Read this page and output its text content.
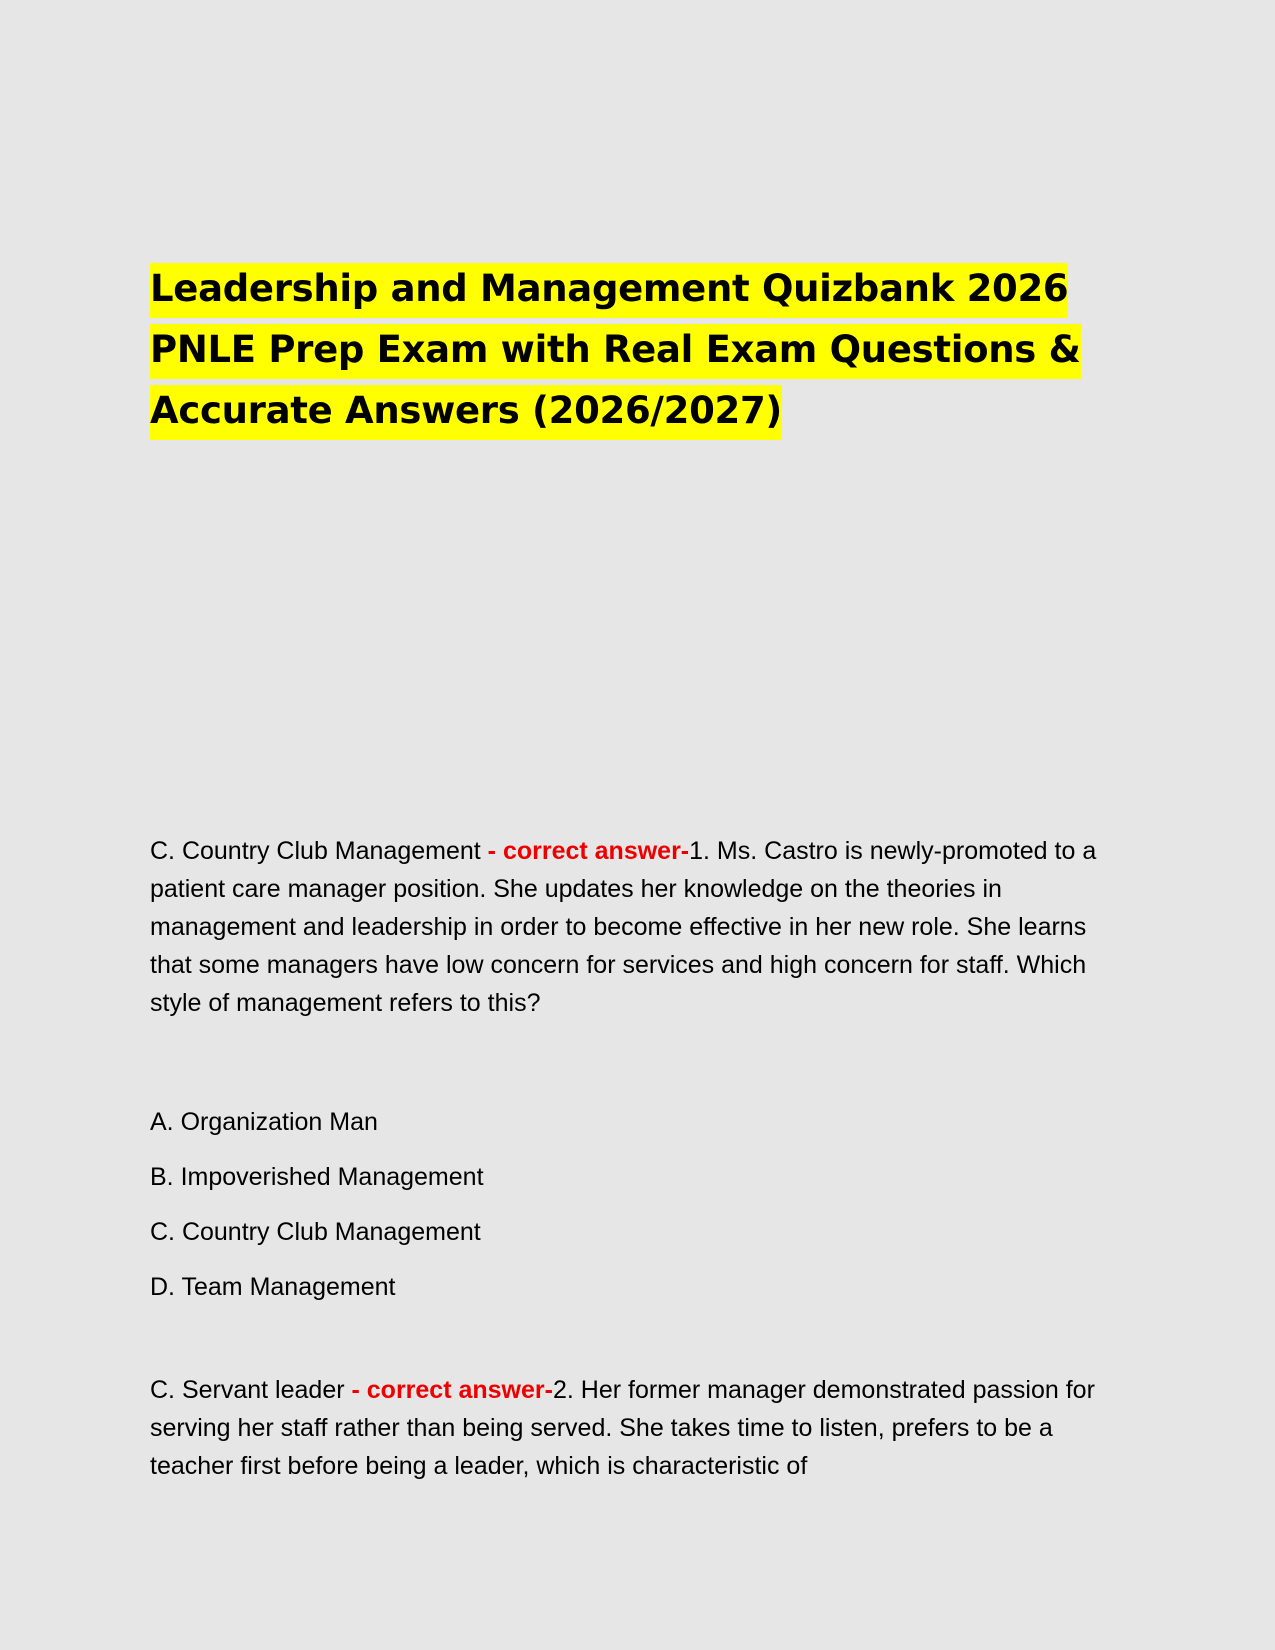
Leadership and Management Quizbank 2026 PNLE Prep Exam with Real Exam Questions & Accurate Answers (2026/2027)

C. Country Club Management - correct answer-1. Ms. Castro is newly-promoted to a patient care manager position. She updates her knowledge on the theories in management and leadership in order to become effective in her new role. She learns that some managers have low concern for services and high concern for staff. Which style of management refers to this?

A. Organization Man
B. Impoverished Management
C. Country Club Management
D. Team Management

C. Servant leader - correct answer-2. Her former manager demonstrated passion for serving her staff rather than being served. She takes time to listen, prefers to be a teacher first before being a leader, which is characteristic of
